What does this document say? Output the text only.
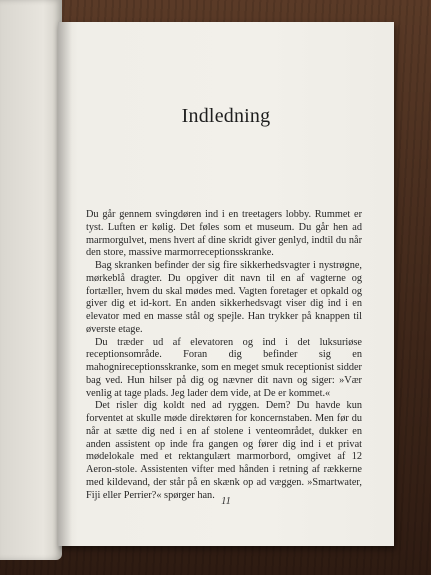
Indledning

Du går gennem svingdøren ind i en treetagers lobby. Rummet er tyst. Luften er kølig. Det føles som et museum. Du går hen ad marmorgulvet, mens hvert af dine skridt giver genlyd, indtil du når den store, massive marmorreceptionsskranke.

Bag skranken befinder der sig fire sikkerhedsvagter i nystrøgne, mørkeblå dragter. Du opgiver dit navn til en af vagterne og fortæller, hvem du skal mødes med. Vagten foretager et opkald og giver dig et id-kort. En anden sikkerhedsvagt viser dig ind i en elevator med en masse stål og spejle. Han trykker på knappen til øverste etage.

Du træder ud af elevatoren og ind i det luksuriøse receptionsområde. Foran dig befinder sig en mahognireceptionsskranke, som en meget smuk receptionist sidder bag ved. Hun hilser på dig og nævner dit navn og siger: »Vær venlig at tage plads. Jeg lader dem vide, at De er kommet.«

Det risler dig koldt ned ad ryggen. Dem? Du havde kun forventet at skulle møde direktøren for koncernstaben. Men før du når at sætte dig ned i en af stolene i venteområdet, dukker en anden assistent op inde fra gangen og fører dig ind i et privat mødelokale med et rektangulært marmorbord, omgivet af 12 Aeron-stole. Assistenten vifter med hånden i retning af rækkerne med kildevand, der står på en skænk op ad væggen. »Smartwater, Fiji eller Perrier?« spørger han.

11
